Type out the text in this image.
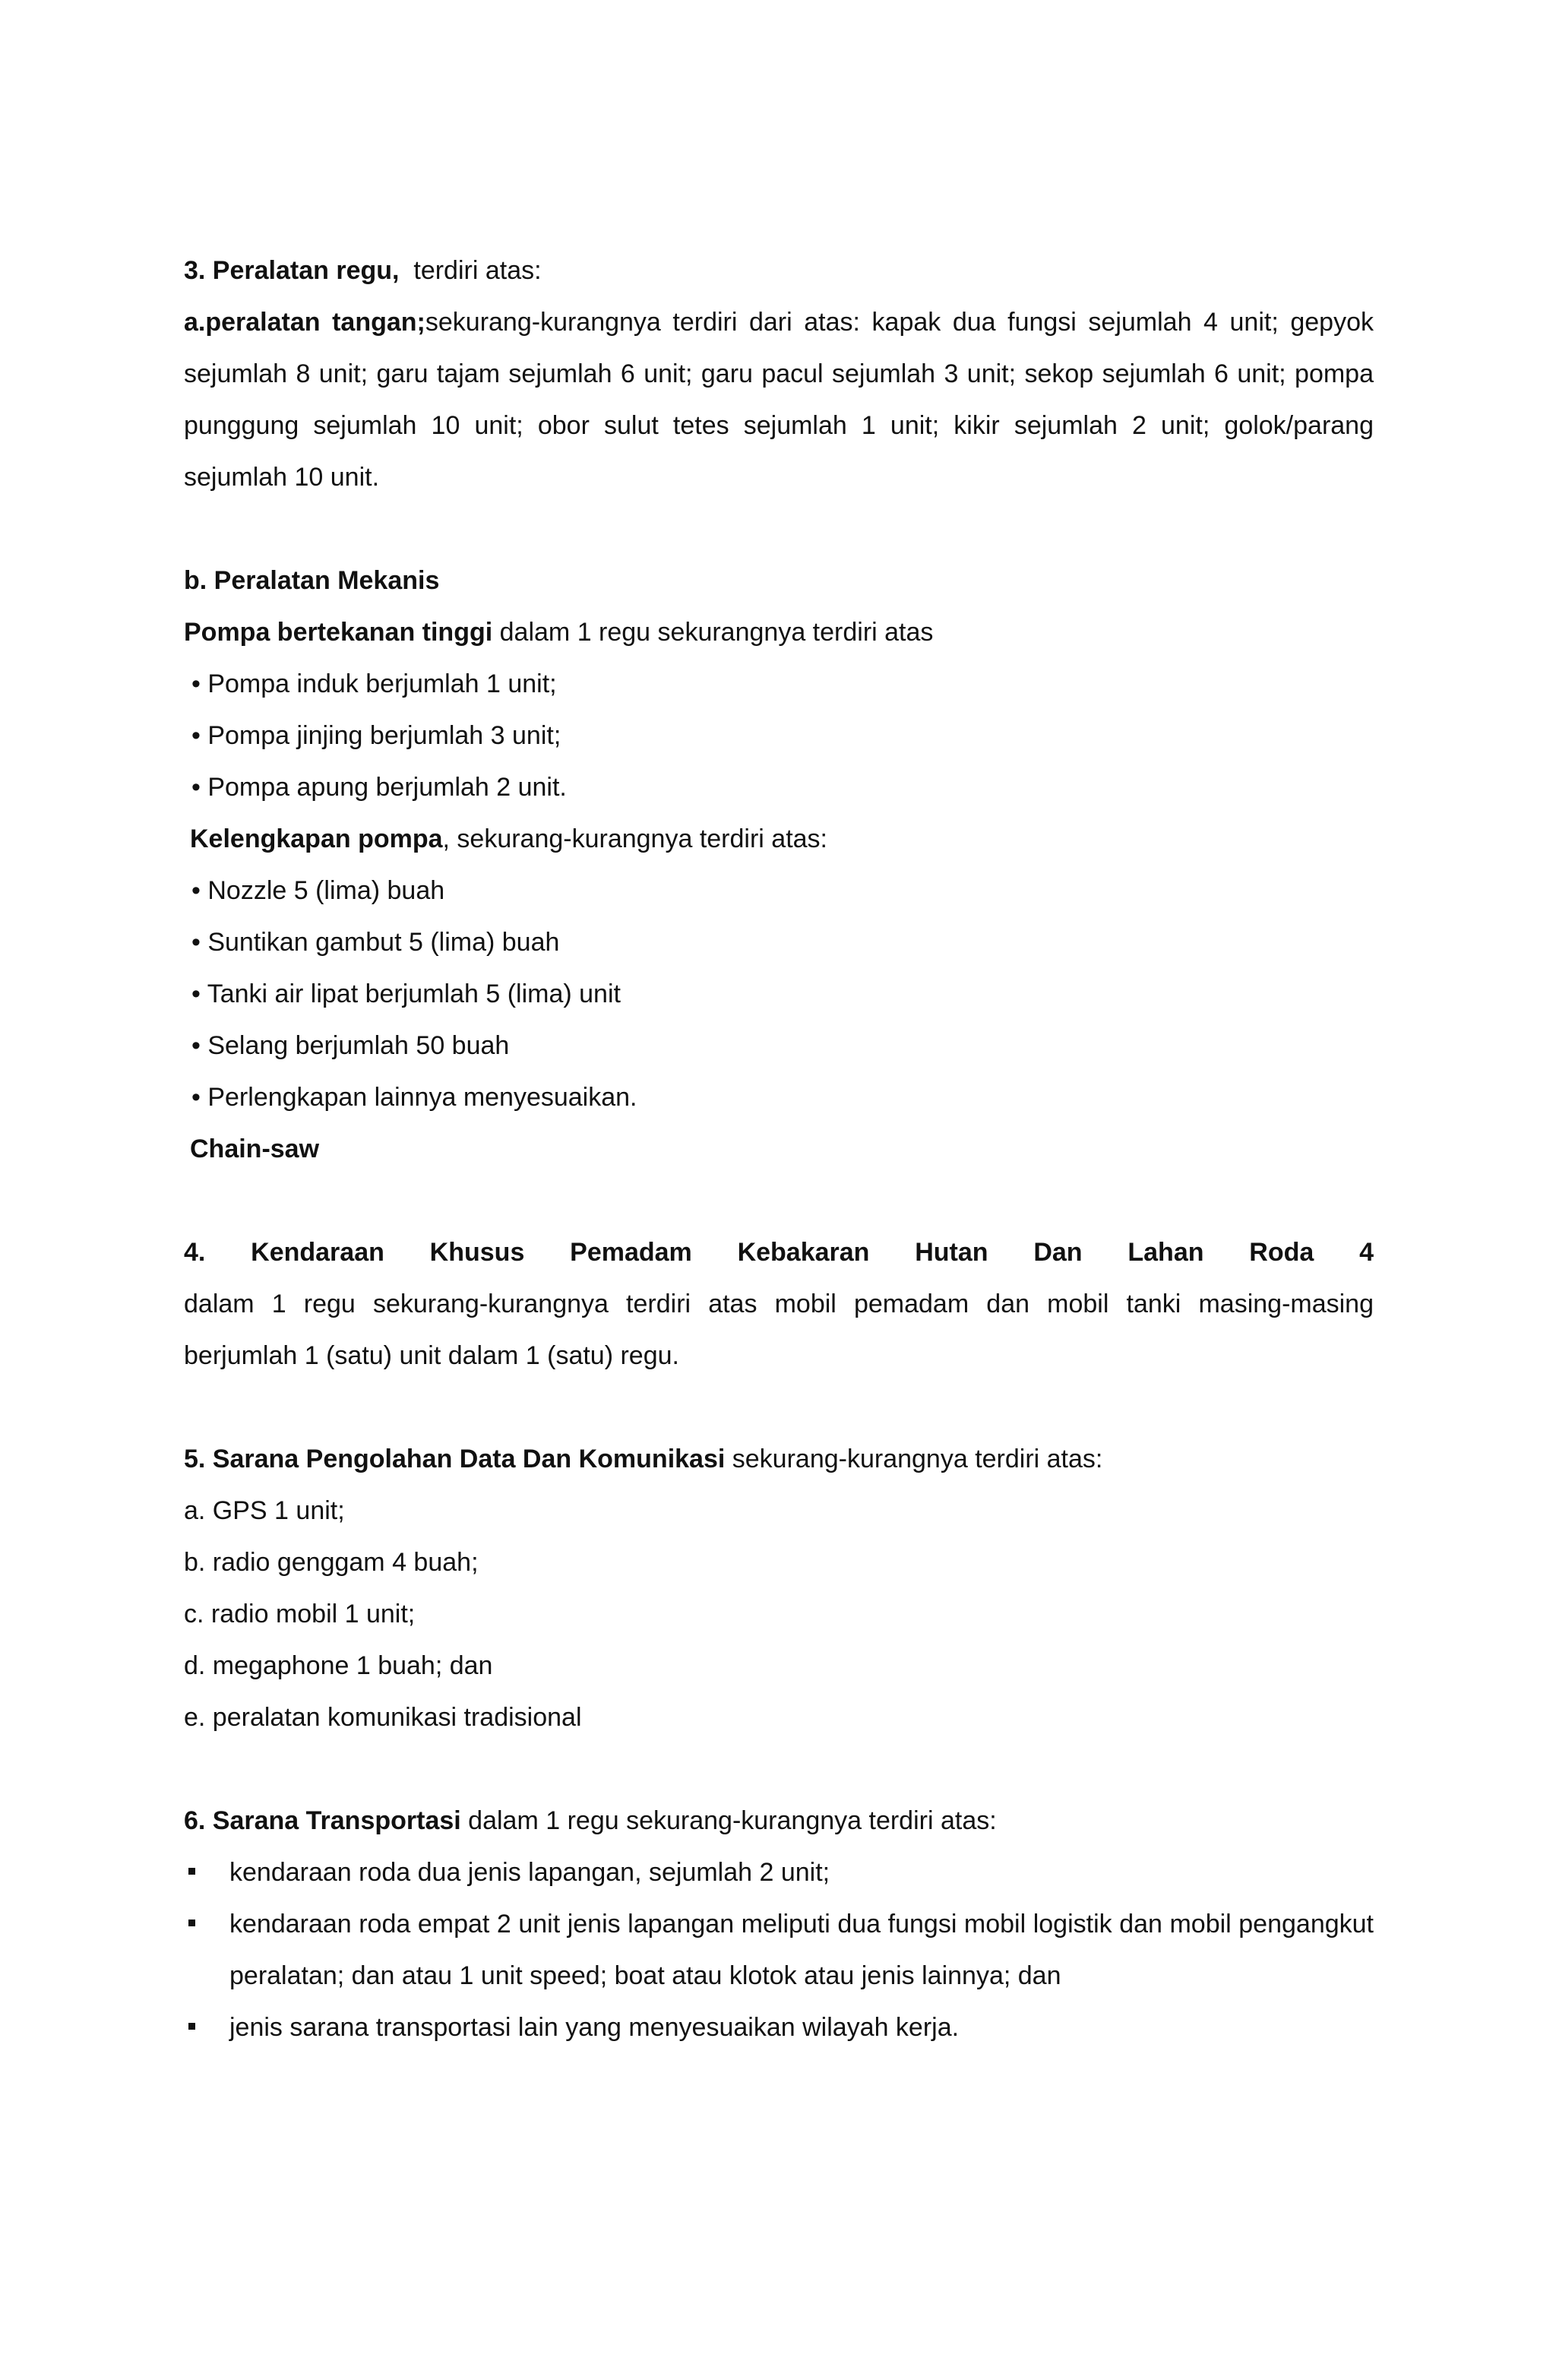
3. Peralatan regu, terdiri atas:

a.peralatan tangan;sekurang-kurangnya terdiri dari atas: kapak dua fungsi sejumlah 4 unit; gepyok sejumlah 8 unit; garu tajam sejumlah 6 unit; garu pacul sejumlah 3 unit; sekop sejumlah 6 unit; pompa punggung sejumlah 10 unit; obor sulut tetes sejumlah 1 unit; kikir sejumlah 2 unit; golok/parang sejumlah 10 unit.

b. Peralatan Mekanis

Pompa bertekanan tinggi dalam 1 regu sekurangnya terdiri atas

• Pompa induk berjumlah 1 unit;

• Pompa jinjing berjumlah 3 unit;

• Pompa apung berjumlah 2 unit.

Kelengkapan pompa, sekurang-kurangnya terdiri atas:

• Nozzle 5 (lima) buah

• Suntikan gambut 5 (lima) buah

• Tanki air lipat berjumlah 5 (lima) unit

• Selang berjumlah 50 buah

• Perlengkapan lainnya menyesuaikan.

Chain-saw

4. Kendaraan Khusus Pemadam Kebakaran Hutan Dan Lahan Roda 4

dalam 1 regu sekurang-kurangnya terdiri atas mobil pemadam dan mobil tanki masing-masing berjumlah 1 (satu) unit dalam 1 (satu) regu.

5. Sarana Pengolahan Data Dan Komunikasi sekurang-kurangnya terdiri atas:

a. GPS 1 unit;

b. radio genggam 4 buah;

c. radio mobil 1 unit;

d. megaphone 1 buah; dan

e. peralatan komunikasi tradisional

6. Sarana Transportasi dalam 1 regu sekurang-kurangnya terdiri atas:

kendaraan roda dua jenis lapangan, sejumlah 2 unit;
kendaraan roda empat 2 unit jenis lapangan meliputi dua fungsi mobil logistik dan mobil pengangkut peralatan; dan atau 1 unit speed; boat atau klotok atau jenis lainnya; dan
jenis sarana transportasi lain yang menyesuaikan wilayah kerja.
